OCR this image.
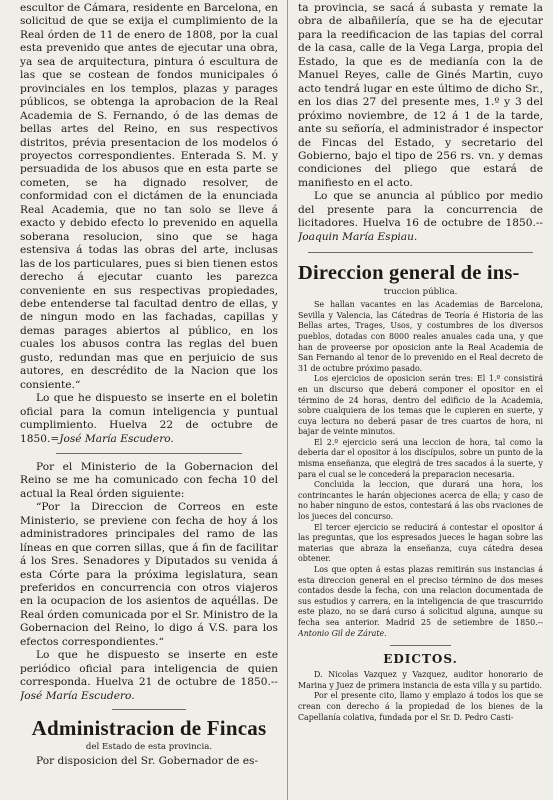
escultor de Cámara, residente en Barcelona, en solicitud de que se exija el cumplimiento de la Real órden de 11 de enero de 1808, por la cual esta prevenido que antes de ejecutar una obra, ya sea de arquitectura, pintura ó escultura de las que se costean de fondos municipales ó provinciales en los templos, plazas y parages públicos, se obtenga la aprobacion de la Real Academia de S. Fernando, ó de las demas de bellas artes del Reino, en sus respectivos distritos, prévia presentacion de los modelos ó proyectos correspondientes. Enterada S. M. y persuadida de los abusos que en esta parte se cometen, se ha dignado resolver, de conformidad con el dictámen de la enunciada Real Academia, que no tan solo se lleve á exacto y debido efecto lo prevenido en aquella soberana resolucion, sino que se haga estensiva á todas las obras del arte, inclusas las de los particulares, pues si bien tienen estos derecho á ejecutar cuanto les parezca conveniente en sus respectivas propiedades, debe entenderse tal facultad dentro de ellas, y de ningun modo en las fachadas, capillas y demas parages abiertos al público, en los cuales los abusos contra las reglas del buen gusto, redundan mas que en perjuicio de sus autores, en descrédito de la Nacion que los consiente.“

Lo que he dispuesto se inserte en el boletin oficial para la comun inteligencia y puntual cumplimiento. Huelva 22 de octubre de 1850.=José María Escudero.

Por el Ministerio de la Gobernacion del Reino se me ha comunicado con fecha 10 del actual la Real órden siguiente:

“Por la Direccion de Correos en este Ministerio, se previene con fecha de hoy á los administradores principales del ramo de las líneas en que corren sillas, que á fin de facilitar á los Sres. Senadores y Diputados su venida á esta Córte para la próxima legislatura, sean preferidos en concurrencia con otros viajeros en la ocupacion de los asientos de aquéllas. De Real órden comunicada por el Sr. Ministro de la Gobernacion del Reino, lo digo á V.S. para los efectos correspondientes.“

Lo que he dispuesto se inserte en este periódico oficial para inteligencia de quien corresponda. Huelva 21 de octubre de 1850.--José María Escudero.

Administracion de Fincas
del Estado de esta provincia.

Por disposicion del Sr. Gobernador de es-

ta provincia, se sacá á subasta y remate la obra de albañilería, que se ha de ejecutar para la reedificacion de las tapias del corral de la casa, calle de la Vega Larga, propia del Estado, la que es de medianía con la de Manuel Reyes, calle de Ginés Martin, cuyo acto tendrá lugar en este último de dicho Sr., en los dias 27 del presente mes, 1.º y 3 del próximo noviembre, de 12 á 1 de la tarde, ante su señoría, el administrador é inspector de Fincas del Estado, y secretario del Gobierno, bajo el tipo de 256 rs. vn. y demas condiciones del pliego que estará de manifiesto en el acto.

Lo que se anuncia al público por medio del presente para la concurrencia de licitadores. Huelva 16 de octubre de 1850.--Joaquin María Espiau.

Direccion general de ins-
truccion pública.

Se hallan vacantes en las Academias de Barcelona, Sevilla y Valencia, las Cátedras de Teoría é Historia de las Bellas artes, Trages, Usos, y costumbres de los diversos pueblos, dotadas con 8000 reales anuales cada una, y que han de proveerse por oposicion ante la Real Academia de San Fernando al tenor de lo prevenido en el Real decreto de 31 de octubre próximo pasado.

Los ejercicios de oposicion serán tres: El 1.º consistirá en un discurso que deberá componer el opositor en el término de 24 horas, dentro del edificio de la Academia, sobre cualquiera de los temas que le cupieren en suerte, y cuya lectura no deberá pasar de tres cuartos de hora, ni bajar de veinte minutos.

El 2.º ejercicio será una leccion de hora, tal como la deberia dar el opositor á los discípulos, sobre un punto de la misma enseñanza, que elegirá de tres sacados á la suerte, y para el cual se le concederá la preparacion necesaria.

Concluida la leccion, que durará una hora, los contrincantes le harán objeciones acerca de ella; y caso de no haber ninguno de estos, contestará á las obs rvaciones de los jueces del concurso.

El tercer ejercicio se reducirá á contestar el opositor á las preguntas, que los espresados jueces le hagan sobre las materias que abraza la enseñanza, cuya cátedra desea obtener.

Los que opten á estas plazas remitirán sus instancias á esta direccion general en el preciso término de dos meses contados desde la fecha, con una relacion documentada de sus estudios y carrera, en la inteligencia de que trascurrido este plazo, no se dará curso á solicitud alguna, aunque su fecha sea anterior. Madrid 25 de setiembre de 1850.--Antonio Gil de Zárate.

EDICTOS.

D. Nicolas Vazquez y Vazquez, auditor honorario de Marina y Juez de primera instancia de esta villa y su partido.

Por el presente cito, llamo y emplazo á todos los que se crean con derecho á la propiedad de los bienes de la Capellanía colativa, fundada por el Sr. D. Pedro Casti-
